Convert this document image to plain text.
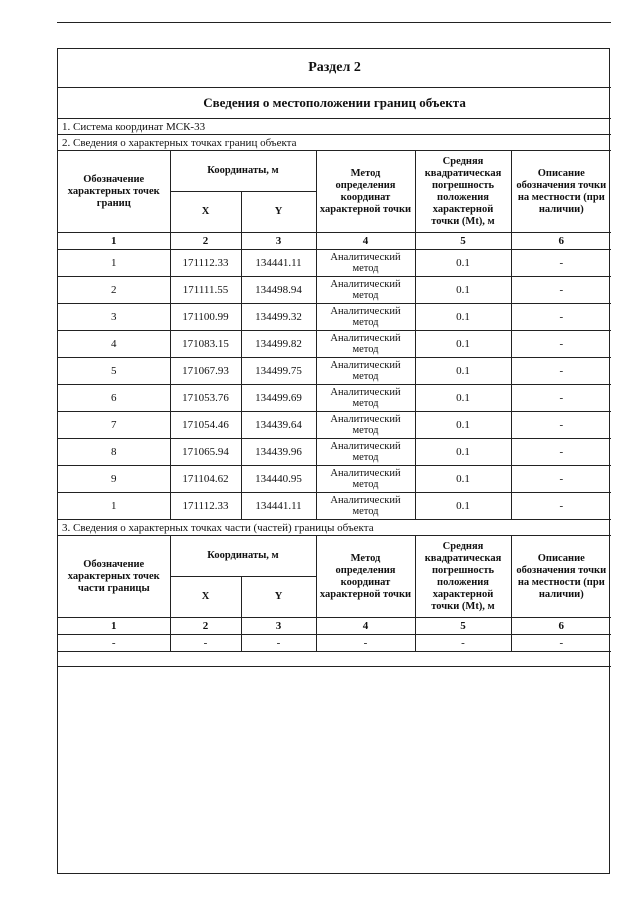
Раздел 2					
Сведения о местоположении границ объекта					
1. Система координат МСК-33					
2. Сведения о характерных точках границ объекта					
Обозначение характерных точек границ	Координаты, м		Метод определения координат характерной точки	Средняя квадратическая погрешность положения характерной точки (Mt), м	Описание обозначения точки на местности (при наличии)
	X	Y			
1	2	3	4	5	6
1	171112.33	134441.11	Аналитический метод	0.1	-
2	171111.55	134498.94	Аналитический метод	0.1	-
3	171100.99	134499.32	Аналитический метод	0.1	-
4	171083.15	134499.82	Аналитический метод	0.1	-
5	171067.93	134499.75	Аналитический метод	0.1	-
6	171053.76	134499.69	Аналитический метод	0.1	-
7	171054.46	134439.64	Аналитический метод	0.1	-
8	171065.94	134439.96	Аналитический метод	0.1	-
9	171104.62	134440.95	Аналитический метод	0.1	-
1	171112.33	134441.11	Аналитический метод	0.1	-
3. Сведения о характерных точках части (частей) границы объекта					
Обозначение характерных точек части границы	Координаты, м		Метод определения координат характерной точки	Средняя квадратическая погрешность положения характерной точки (Mt), м	Описание обозначения точки на местности (при наличии)
	X	Y			
1	2	3	4	5	6
-	-	-	-	-	-
